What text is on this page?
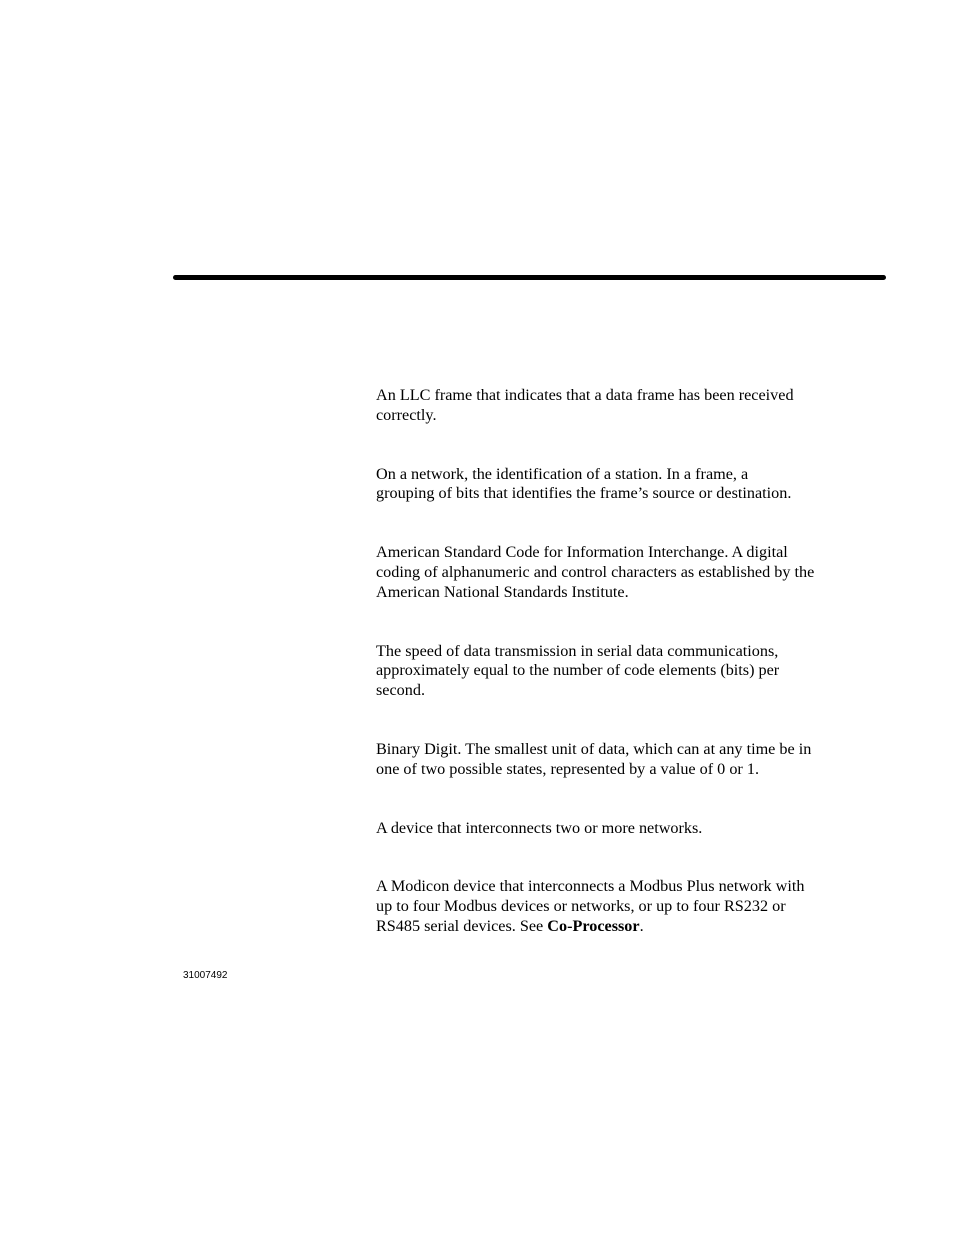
An LLC frame that indicates that a data frame has been received
correctly.

On a network, the identification of a station. In a frame, a
grouping of bits that identifies the frame’s source or destination.

American Standard Code for Information Interchange. A digital
coding of alphanumeric and control characters as established by the
American National Standards Institute.

The speed of data transmission in serial data communications,
approximately equal to the number of code elements (bits) per
second.

Binary Digit. The smallest unit of data, which can at any time be in
one of two possible states, represented by a value of 0 or 1.

A device that interconnects two or more networks.

A Modicon device that interconnects a Modbus Plus network with
up to four Modbus devices or networks, or up to four RS232 or
RS485 serial devices. See Co-Processor.

31007492
